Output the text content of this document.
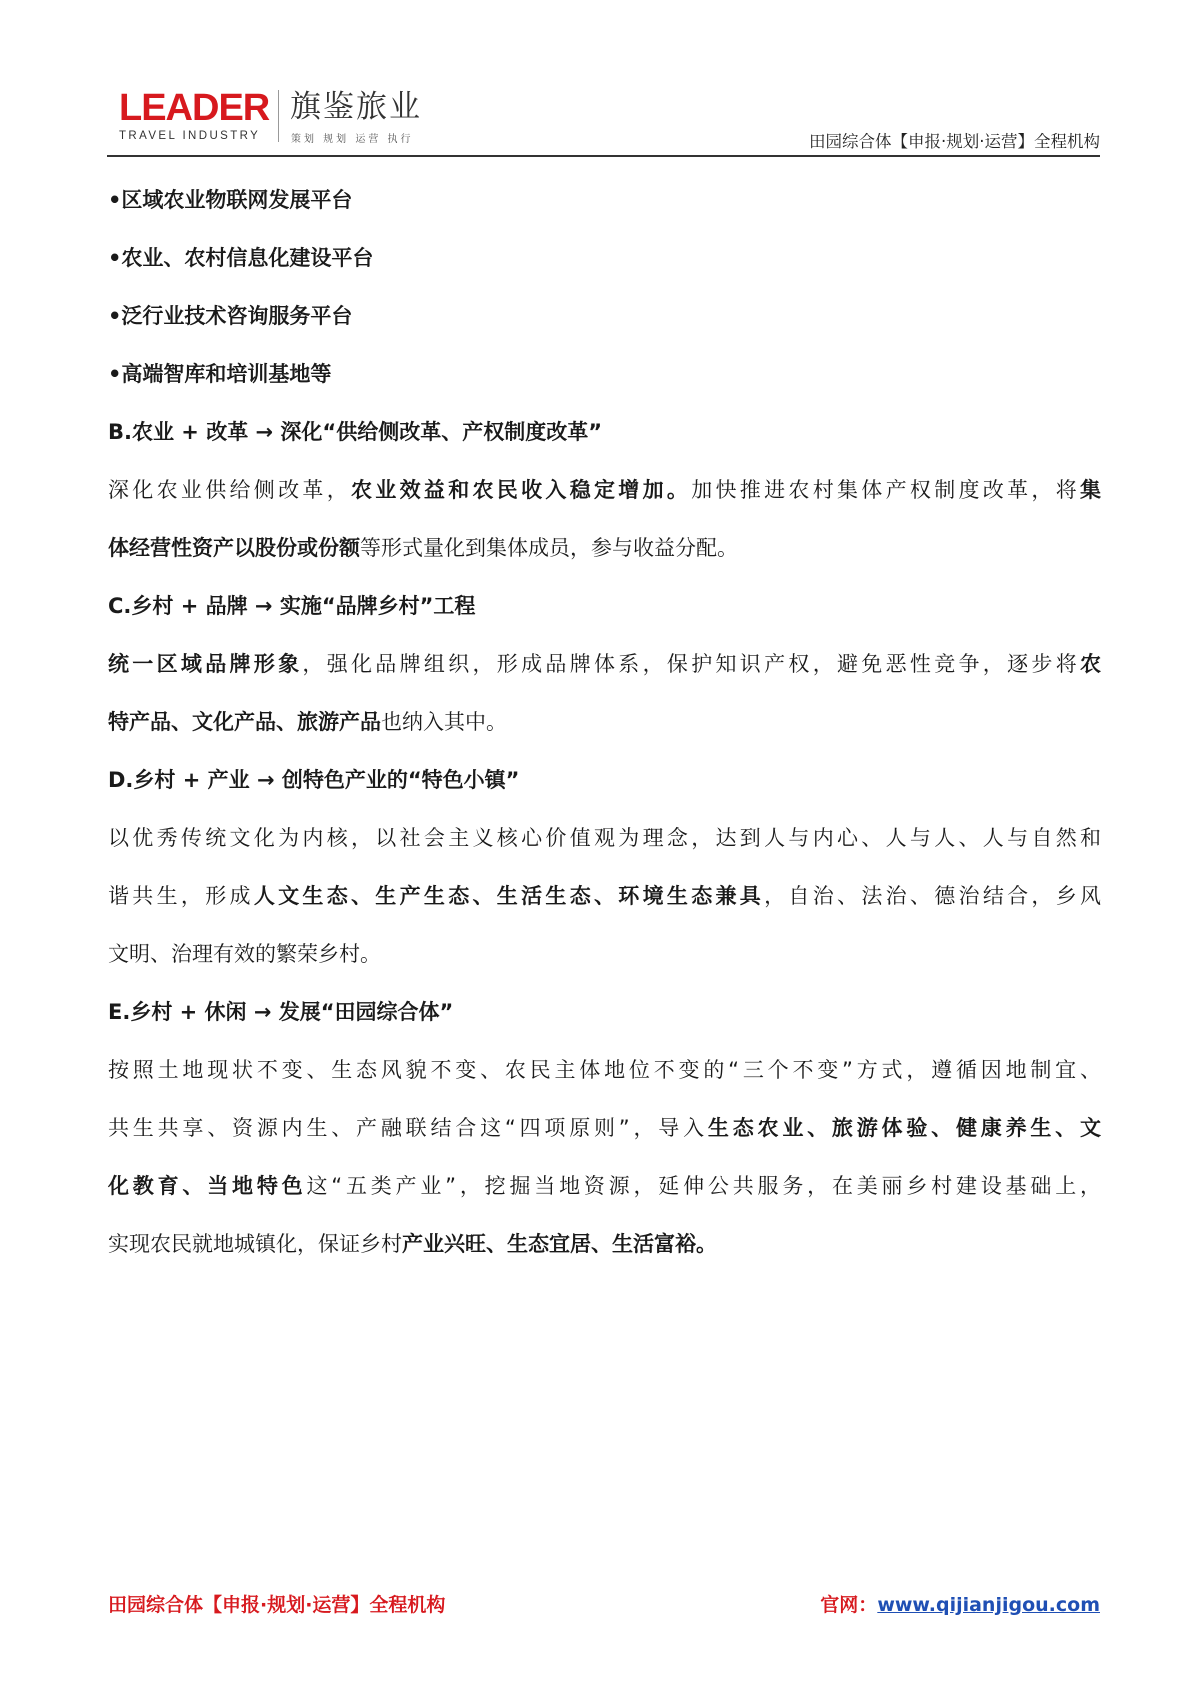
LEADER
TRAVEL INDUSTRY
旗鉴旅业
策划 规划 运营 执行	田园综合体【申报·规划·运营】全程机构
•区域农业物联网发展平台
•农业、农村信息化建设平台
•泛行业技术咨询服务平台
•高端智库和培训基地等
B.农业 + 改革 → 深化“供给侧改革、产权制度改革”
深化农业供给侧改革，农业效益和农民收入稳定增加。加快推进农村集体产权制度改革，将集
体经营性资产以股份或份额等形式量化到集体成员，参与收益分配。
C.乡村 + 品牌 → 实施“品牌乡村”工程
统一区域品牌形象，强化品牌组织，形成品牌体系，保护知识产权，避免恶性竞争，逐步将农
特产品、文化产品、旅游产品也纳入其中。
D.乡村 + 产业 → 创特色产业的“特色小镇”
以优秀传统文化为内核，以社会主义核心价值观为理念，达到人与内心、人与人、人与自然和
谐共生，形成人文生态、生产生态、生活生态、环境生态兼具，自治、法治、德治结合，乡风
文明、治理有效的繁荣乡村。
E.乡村 + 休闲 → 发展“田园综合体”
按照土地现状不变、生态风貌不变、农民主体地位不变的“三个不变”方式，遵循因地制宜、
共生共享、资源内生、产融联结合这“四项原则”，导入生态农业、旅游体验、健康养生、文
化教育、当地特色这“五类产业”，挖掘当地资源，延伸公共服务，在美丽乡村建设基础上，
实现农民就地城镇化，保证乡村产业兴旺、生态宜居、生活富裕。
田园综合体【申报·规划·运营】全程机构	官网：www.qijianjigou.com
